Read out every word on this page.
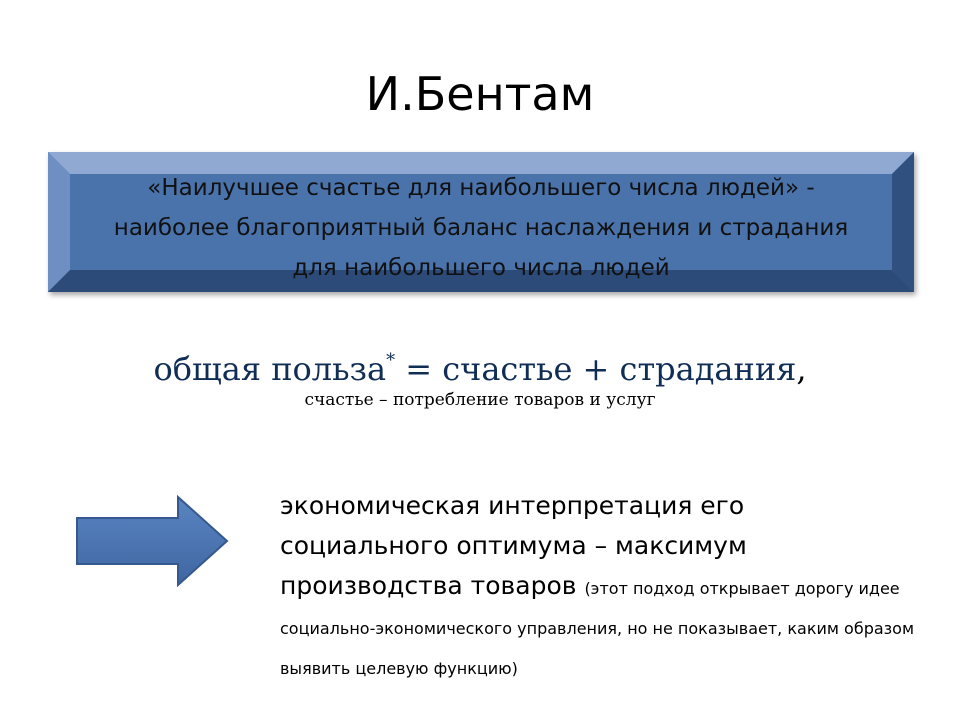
И.Бентам
«Наилучшее счастье для наибольшего числа людей» - наиболее благоприятный баланс наслаждения и страдания для наибольшего числа людей
общая польза* = счастье + страдания,
счастье – потребление товаров и услуг
экономическая интерпретация его социального оптимума – максимум производства товаров (этот подход открывает дорогу идее социально-экономического управления, но не показывает, каким образом выявить целевую функцию)
